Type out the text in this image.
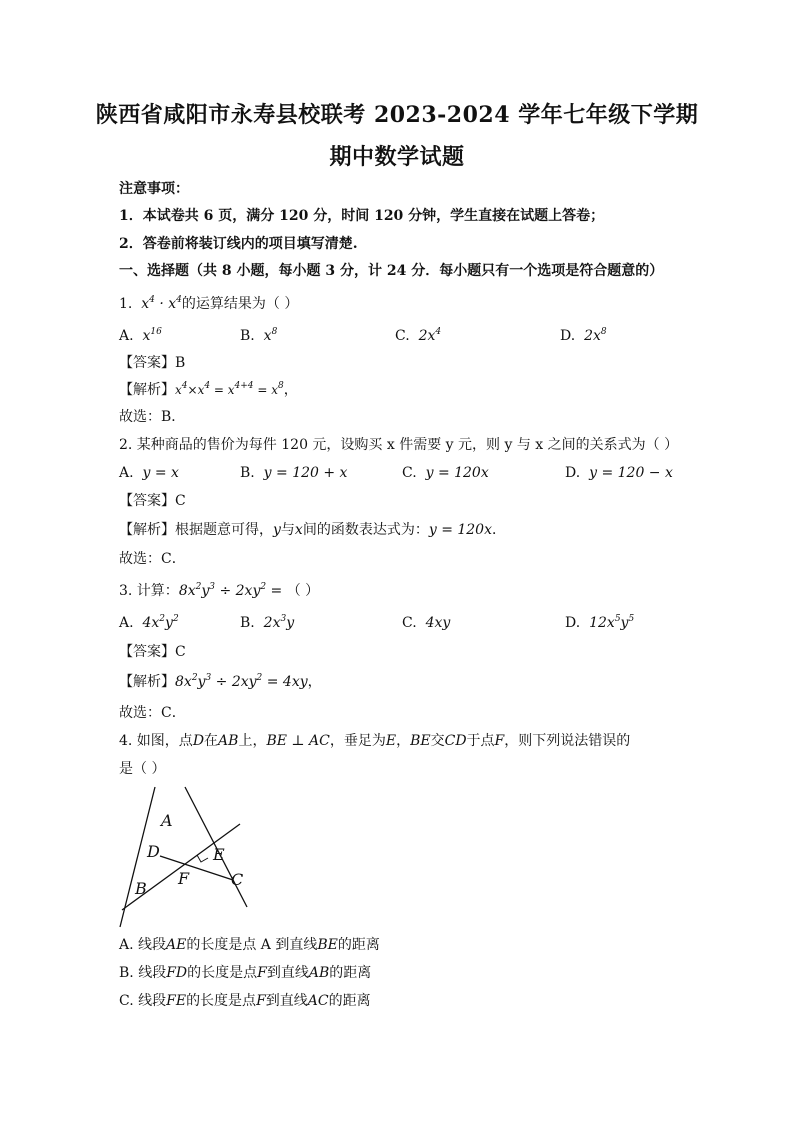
陕西省咸阳市永寿县校联考 2023-2024 学年七年级下学期
期中数学试题
注意事项：
1．本试卷共 6 页，满分 120 分，时间 120 分钟，学生直接在试题上答卷；
2．答卷前将装订线内的项目填写清楚.
一、选择题（共 8 小题，每小题 3 分，计 24 分．每小题只有一个选项是符合题意的）
1. $x^4 \cdot x^4$的运算结果为（ ）
A. $x^{16}$	B. $x^8$	C. $2x^4$	D. $2x^8$
【答案】B
【解析】$x^4\times x^4 = x^{4+4} = x^8$，
故选：B．
2. 某种商品的售价为每件 120 元，设购买 x 件需要 y 元，则 y 与 x 之间的关系式为（ ）
A. y = x	B. y = 120 + x	C. y = 120x	D. y = 120 − x
【答案】C
【解析】根据题意可得，y与x间的函数表达式为：y = 120x．
故选：C．
3. 计算：$8x^2y^3 \div 2xy^2$ = （ ）
A. $4x^2y^2$	B. $2x^3y$	C. 4xy	D. $12x^5y^5$
【答案】C
【解析】$8x^2y^3 \div 2xy^2 = 4xy$，
故选：C．
4. 如图，点D在AB上，BE ⊥ AC，垂足为E，BE交CD于点F，则下列说法错误的
是（ ）
A
D	E
F	C
B
A. 线段AE的长度是点 A 到直线BE的距离
B. 线段FD的长度是点F到直线AB的距离
C. 线段FE的长度是点F到直线AC的距离
